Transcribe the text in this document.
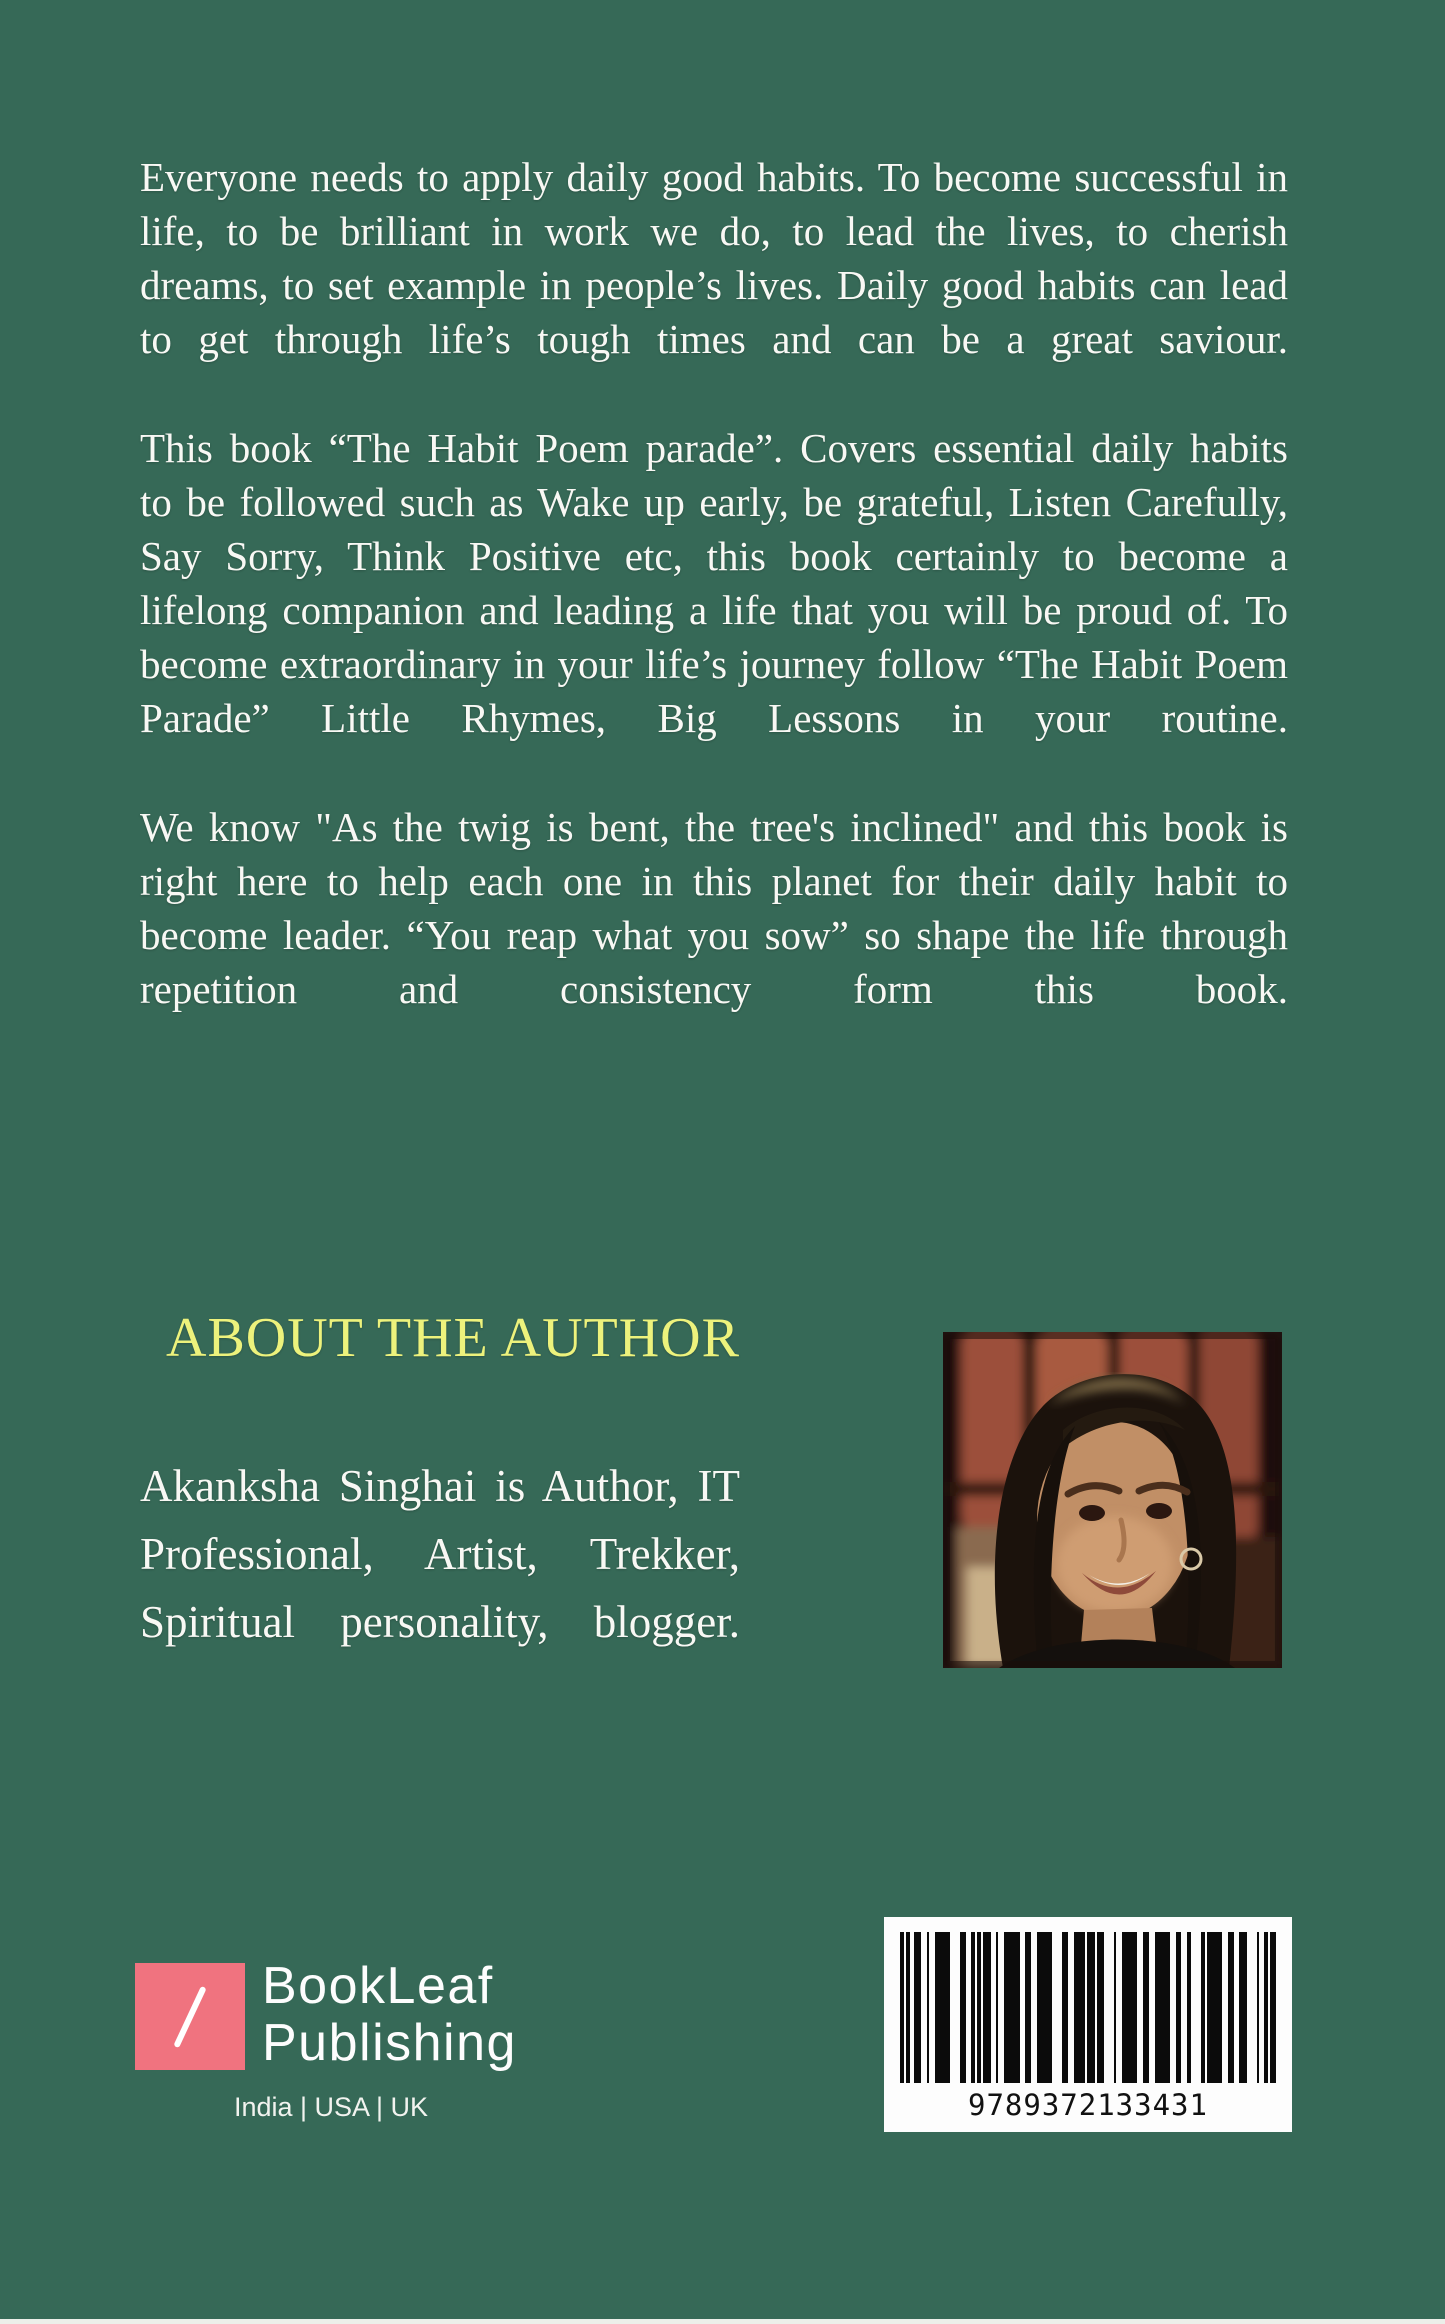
Everyone needs to apply daily good habits. To become successful in life, to be brilliant in work we do, to lead the lives, to cherish dreams, to set example in people’s lives. Daily good habits can lead to get through life’s tough times and can be a great saviour.

This book “The Habit Poem parade”. Covers essential daily habits to be followed such as Wake up early, be grateful, Listen Carefully, Say Sorry, Think Positive etc, this book certainly to become a lifelong companion and leading a life that you will be proud of. To become extraordinary in your life’s journey follow “The Habit Poem Parade” Little Rhymes, Big Lessons in your routine.

We know "As the twig is bent, the tree's inclined" and this book is right here to help each one in this planet for their daily habit to become leader. “You reap what you sow” so shape the life through repetition and consistency form this book.

ABOUT THE AUTHOR
Akanksha Singhai is Author, IT Professional, Artist, Trekker, Spiritual personality, blogger.
BookLeaf
Publishing
India | USA | UK	9789372133431
